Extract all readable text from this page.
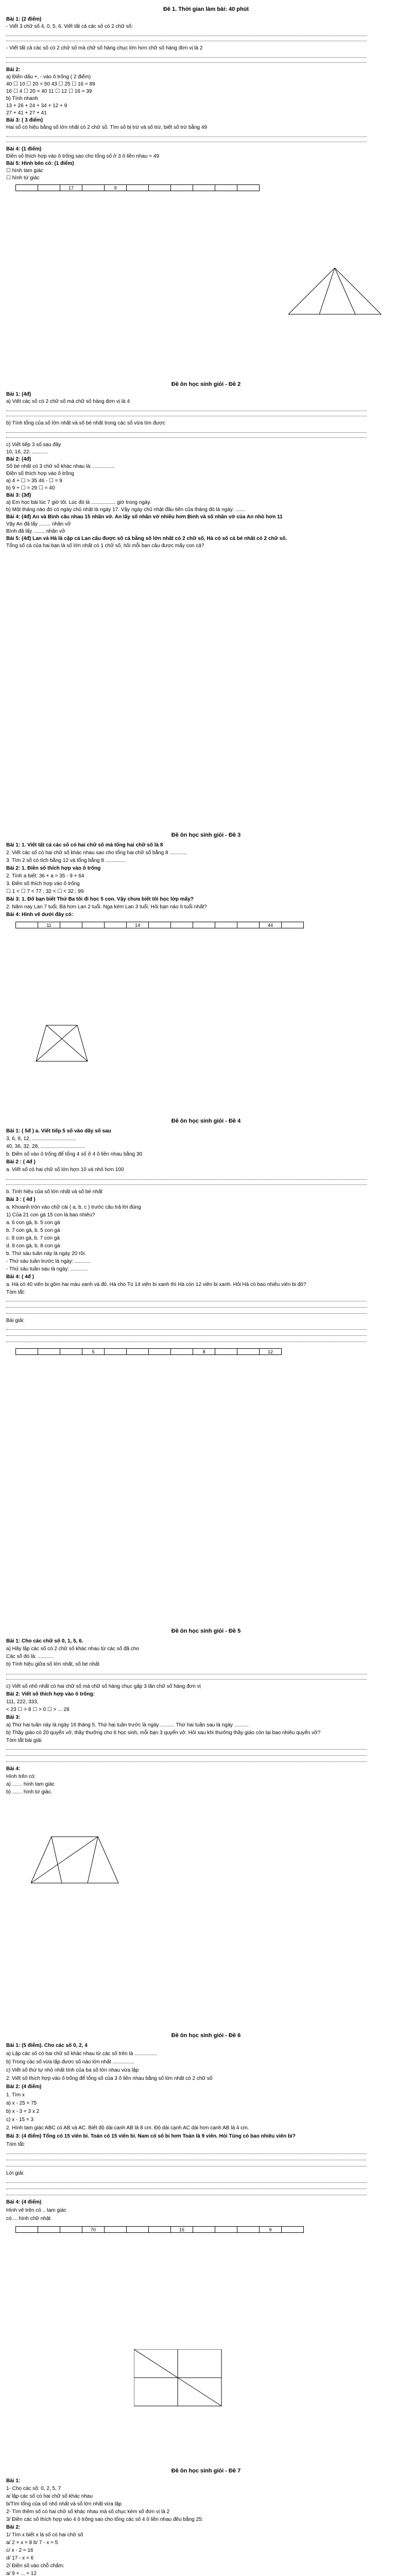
Đề 1. Thời gian làm bài: 40 phút
Bài 1: (2 điểm)
- Viết 3 chữ số 4, 0, 5, 6. Viết tất cả các số có 2 chữ số:
- Viết tất cả các số có 2 chữ số mà chữ số hàng chục lớn hơn chữ số hàng đơn vị là 2
Bài 2:
a) Điền dấu +, - vào ô trống ( 2 điểm)
40 ☐ 10 ☐ 20 = 50 43 ☐ 25 ☐ 16 = 89
16 ☐ 4 ☐ 20 = 40 11 ☐ 12 ☐ 16 = 39
b) Tính nhanh
13 + 26 + 24 + 34 + 12 + 9
27 + 41 + 27 + 41
Bài 3: ( 3 điểm)
Hai số có hiệu bằng số lớn nhất có 2 chữ số. Tìm số bị trừ và số trừ, biết số trừ bằng 49
Bài 4: (1 điểm)
Điền số thích hợp vào ô trống sao cho tổng số ở 3 ô liền nhau = 49
Bài 5: Hình bên có: (1 điểm)
☐ hình tam giác
☐ hình tứ giác
		17		9						
Đề ôn học sinh giỏi - Đề 2
Bài 1: (4đ)
a) Viết các số có 2 chữ số mà chữ số hàng đơn vị là 4
b) Tính tổng của số lớn nhất và số bé nhất trong các số vừa tìm được
c) Viết tiếp 3 số sau đây
10, 16, 22, ...........
Bài 2: (4đ)
Số bé nhất có 3 chữ số khác nhau là: ...............
Điền số thích hợp vào ô trống
a) 4 + ☐ > 35 46 - ☐ = 9
b) 9 + ☐ = 29 ☐ = 40
Bài 3: (3đ)
a) Em học bài lúc 7 giờ tối. Lúc đó là ................. giờ trong ngày.
b) Một tháng nào đó có ngày chủ nhật là ngày 17. Vậy ngày chủ nhật đầu tiên của tháng đó là ngày: .......
Bài 4: (4đ) An và Bình câu nhau 15 nhãn vở. An lấy số nhãn vở nhiều hơn Bình và số nhãn vở của An nhỏ hơn 11
Vậy An đã lấy ........ nhãn vở
Bình đã lấy ........ nhãn vở
Bài 5: (4đ) Lan và Hà là cặp cả Lan cấu được số cá bằng số lớn nhất có 2 chữ số, Hà có số cá bé nhất có 2 chữ số.
Tổng số cá của hai bạn là số lớn nhất có 1 chữ số, hỏi mỗi bạn câu được mấy con cá?
Đề ôn học sinh giỏi - Đề 3
Bài 1: 1. Viết tất cả các số có hai chữ số mà tổng hai chữ số là 8
2. Viết các số có hai chữ số khác nhau sao cho tổng hai chữ số bằng 8 ............
3. Tìm 2 số có tích bằng 12 và tổng bằng 8 ..............
Bài 2: 1. Điền số thích hợp vào ô trống
2. Tính a biết: 36 + a = 35 - 9 + 64
3. Điền số thích hợp vào ô trống
☐ 1 < ☐ 7 < 77 ; 32 < ☐ < 32 ; 99
Bài 3: 1. Đố bạn biết Thứ Ba tôi đi học 5 con. Vậy chưa biết tôi học lớp mấy?
2. Năm nay Lan 7 tuổi, Bà hơn Lan 2 tuổi. Nga kém Lan 3 tuổi. Hỏi bạn nào ít tuổi nhất?
Bài 4: Hình vẽ dưới đây có:
	11				14						44	
Đề ôn học sinh giỏi - Đề 4
Bài 1: ( 5đ ) a. Viết tiếp 5 số vào dãy số sau
3, 6, 9, 12, ...............................
40, 36, 32, 28, ...............................
b. Điền số vào ô trống để tổng 4 số ở 4 ô liền nhau bằng 30
Bài 2 : ( 4đ )
a. Viết số có hai chữ số lớn hơn 10 và nhỏ hơn 100
b. Tính hiệu của số lớn nhất và số bé nhất
Bài 3 : ( 4đ )
a. Khoanh tròn vào chữ cái ( a, b, c ) trước câu trả lời đúng
1) Của 21 con gà 15 con là bao nhiêu?
a. 6 con gà, b. 5 con gà
b. 7 con gà, b. 5 con gà
c. 8 con gà, b. 7 con gà
d. 9 con gà, b. 8 con gà
b. Thứ sáu tuần này là ngày 20 rồi.
- Thứ sáu tuần trước là ngày: ...........
- Thứ sáu tuần sau là ngày: ............
Bài 4: ( 4đ )
a. Hà có 40 viên bi gồm hai màu xanh và đỏ. Hà cho Tú 14 viên bi xanh thì Hà còn 12 viên bi xanh. Hỏi Hà có bao nhiêu viên bi đỏ?
Tóm tắt:
Bài giải:
			5					8			12
Đề ôn học sinh giỏi - Đề 5
Bài 1: Cho các chữ số 0, 1, 5, 6.
a) Hãy lập các số có 2 chữ số khác nhau từ các số đã cho
Các số đó là: ...........
b) Tính hiệu giữa số lớn nhất, số bé nhất
c) Viết số nhỏ nhất có hai chữ số mà chữ số hàng chục gấp 3 lần chữ số hàng đơn vị
Bài 2: Viết số thích hợp vào ô trống:
111, 222, 333,
< 23 ☐ > 8 ☐ > 0 ☐ > ... 28
Bài 3:
a) Thứ hai tuần này là ngày 16 tháng 5. Thứ hai tuần trước là ngày .......... Thứ hai tuần sau là ngày ..........
b) Thầy giáo có 20 quyển vở, thầy thưởng cho 6 học sinh, mỗi bạn 3 quyển vở. Hỏi sau khi thưởng thầy giáo còn lại bao nhiêu quyển vở?
Tóm tắt bài giải
Bài 4:
Hình trên có:
a) ....... hình tam giác
b) ....... hình tứ giác.
Đề ôn học sinh giỏi - Đề 6
Bài 1: (5 điểm). Cho các số 0, 2, 4
a) Lập các số có hai chữ số khác nhau từ các số trên là ................
b) Trong các số vừa lập được số nào lớn nhất ...............
c) Viết số thứ tự nhỏ nhất tính của ba số lớn nhau vừa lập
2. Viết số thích hợp vào ô trống để tổng số của 3 ô liền nhau bằng số lớn nhất có 2 chữ số
Bài 2: (4 điểm)
1. Tìm x
a) x - 25 = 75
b) x - 3 = 3 x 2
c) x - 15 = 3
2. Hình tam giác ABC có AB và AC. Biết độ dài cạnh AB là 8 cm. Độ dài cạnh AC dài hơn cạnh AB là 4 cm.
Bài 3: (4 điểm) Tổng có 15 viên bi. Toán có 15 viên bi. Nam có số bi hơn Toán là 9 viên. Hỏi Tùng có bao nhiêu viên bi?
Tóm tắt:
Lời giải:
Bài 4: (4 điểm)
Hình vẽ trên có .. tam giác
có ... hình chữ nhật
			70				15				9	
Đề ôn học sinh giỏi - Đề 7
Bài 1:
1- Cho các số: 0, 2, 5, 7
a/ lập các số có hai chữ số khác nhau
b/Tìm tổng của số nhỏ nhất và số lớn nhất vừa lập
2- Tìm thêm số có hai chữ số khác nhau mà số chục kém số đơn vị là 2
3/ Điền các số thích hợp vào 4 ô trống sao cho tổng các số 4 ô liền nhau đều bằng 25:
Bài 2:
1/ Tìm x biết x là số có hai chữ số
a/ 2 + x = 8 b/ 7 - x = 5
c/ x - 2 = 16
d/ 17 - x = 6
2/ Điền số vào chỗ chấm:
a/ 9 + ... = 12
